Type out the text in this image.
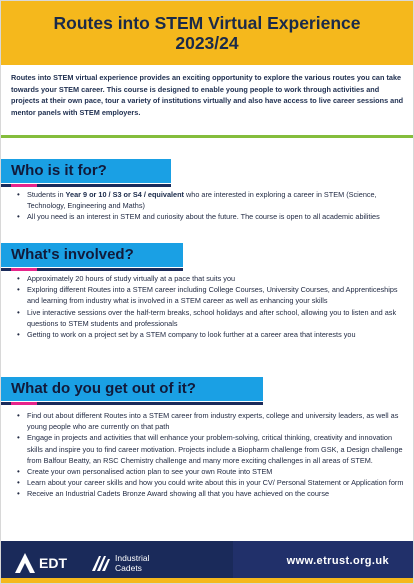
Routes into STEM Virtual Experience
2023/24

Routes into STEM virtual experience provides an exciting opportunity to explore the various routes you can take towards your STEM career. This course is designed to enable young people to work through activities and projects at their own pace, tour a variety of institutions virtually and also have access to live career sessions and mentor panels with STEM employers.

Who is it for?
• Students in Year 9 or 10 / S3 or S4 / equivalent who are interested in exploring a career in STEM (Science, Technology, Engineering and Maths)
• All you need is an interest in STEM and curiosity about the future. The course is open to all academic abilities
What's involved?
• Approximately 20 hours of study virtually at a pace that suits you
• Exploring different Routes into a STEM career including College Courses, University Courses, and Apprenticeships and learning from industry what is involved in a STEM career as well as enhancing your skills
• Live interactive sessions over the half-term breaks, school holidays and after school, allowing you to listen and ask questions to STEM students and professionals
• Getting to work on a project set by a STEM company to look further at a career area that interests you
What do you get out of it?
• Find out about different Routes into a STEM career from industry experts, college and university leaders, as well as young people who are currently on that path
• Engage in projects and activities that will enhance your problem-solving, critical thinking, creativity and innovation skills and inspire you to find career motivation. Projects include a Biopharm challenge from GSK, a Design challenge from Balfour Beatty, an RSC Chemistry challenge and many more exciting challenges in all areas of STEM.
• Create your own personalised action plan to see your own Route into STEM
• Learn about your career skills and how you could write about this in your CV/ Personal Statement or Application form
• Receive an Industrial Cadets Bronze Award showing all that you have achieved on the course
EDT	Industrial
Cadets
www.etrust.org.uk
